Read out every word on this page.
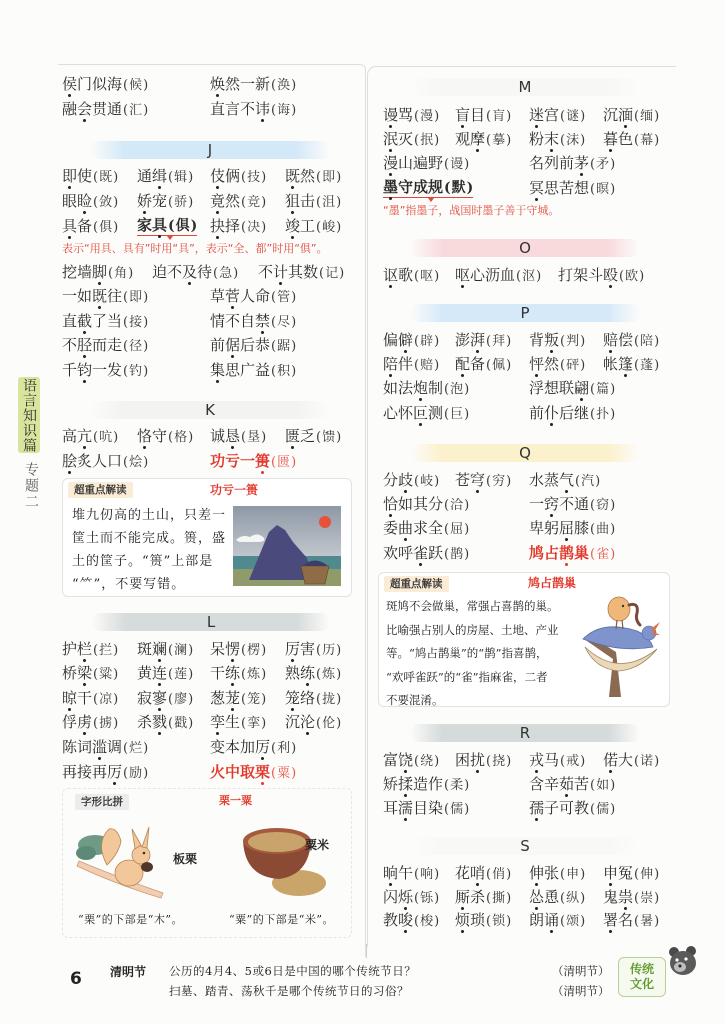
语言知识篇
专题二
侯门似海 ( 候 )	焕然一新 ( 涣 )
融会贯通 ( 汇 )	直言不讳 ( 诲 )
J
即使 ( 既 )	通缉 ( 辑 )	伎俩 ( 技 )	既然 ( 即 )
眼睑 ( 敛 )	娇宠 ( 骄 )	竟然 ( 竞 )	狙击 ( 沮 )
具备 ( 俱 )	家具 ( 俱 )	抉择 ( 决 )	竣工 ( 峻 )
表示“用具、具有”时用“具”，表示“全、都”时用“俱”。
挖墙脚 ( 角 )	迫不及待 ( 急 )	不计其数 ( 记 )
一如既往 ( 即 )	草菅人命 ( 管 )
直截了当 ( 接 )	情不自禁 ( 尽 )
不胫而走 ( 径 )	前倨后恭 ( 踞 )
千钧一发 ( 钓 )	集思广益 ( 积 )
K
高亢 ( 吭 )	恪守 ( 格 )	诚恳 ( 垦 )	匮乏 ( 馈 )
脍炙人口 ( 烩 )	功亏一篑 ( 匮 )
超重点解读	功亏一篑
堆九仞高的土山，只差一
筐土而不能完成。篑，盛
土的筐子。“篑”上部是
“⺮”，不要写错。
L
护栏 ( 拦 )	斑斓 ( 澜 )	呆愣 ( 楞 )	厉害 ( 历 )
桥梁 ( 粱 )	黄连 ( 莲 )	干练 ( 炼 )	熟练 ( 炼 )
晾干 ( 凉 )	寂寥 ( 廖 )	葱茏 ( 笼 )	笼络 ( 拢 )
俘虏 ( 掳 )	杀戮 ( 戳 )	孪生 ( 挛 )	沉沦 ( 伦 )
陈词滥调 ( 烂 )	变本加厉 ( 利 )
再接再厉 ( 励 )	火中取栗 ( 粟 )
字形比拼	栗一粟
板栗
粟米
“栗”的下部是“木”。	“粟”的下部是“米”。
M
谩骂 ( 漫 )	盲目 ( 肓 )	迷宫 ( 谜 )	沉湎 ( 缅 )
泯灭 ( 抿 )	观摩 ( 摹 )	粉末 ( 沫 )	暮色 ( 幕 )
漫山遍野 ( 谩 )	名列前茅 ( 矛 )
墨守成规 ( 默 )	冥思苦想 ( 暝 )
“墨”指墨子，战国时墨子善于守城。
O
讴歌 ( 呕 )	呕心沥血 ( 沤 )	打架斗殴 ( 欧 )
P
偏僻 ( 辟 )	澎湃 ( 拜 )	背叛 ( 判 )	赔偿 ( 陪 )
陪伴 ( 赔 )	配备 ( 佩 )	怦然 ( 砰 )	帐篷 ( 蓬 )
如法炮制 ( 泡 )	浮想联翩 ( 篇 )
心怀叵测 ( 巨 )	前仆后继 ( 扑 )
Q
分歧 ( 岐 )	苍穹 ( 穷 )	水蒸气 ( 汽 )
恰如其分 ( 洽 )	一窍不通 ( 窃 )
委曲求全 ( 屈 )	卑躬屈膝 ( 曲 )
欢呼雀跃 ( 鹊 )	鸠占鹊巢 ( 雀 )
超重点解读	鸠占鹊巢
斑鸠不会做巢，常强占喜鹊的巢。
比喻强占别人的房屋、土地、产业
等。“鸠占鹊巢”的“鹊”指喜鹊，
“欢呼雀跃”的“雀”指麻雀，二者
不要混淆。
R
富饶 ( 绕 )	困扰 ( 挠 )	戎马 ( 戒 )	偌大 ( 诺 )
矫揉造作 ( 柔 )	含辛茹苦 ( 如 )
耳濡目染 ( 儒 )	孺子可教 ( 儒 )
S
晌午 ( 响 )	花哨 ( 俏 )	伸张 ( 申 )	申冤 ( 伸 )
闪烁 ( 铄 )	厮杀 ( 撕 )	怂恿 ( 纵 )	鬼祟 ( 崇 )
教唆 ( 梭 )	烦琐 ( 锁 )	朗诵 ( 颂 )	署名 ( 暑 )
6 清明节 公历的4月4、5或6日是中国的哪个传统节日？	（清明节）
扫墓、踏青、荡秋千是哪个传统节日的习俗？	（清明节）
传统
文化
